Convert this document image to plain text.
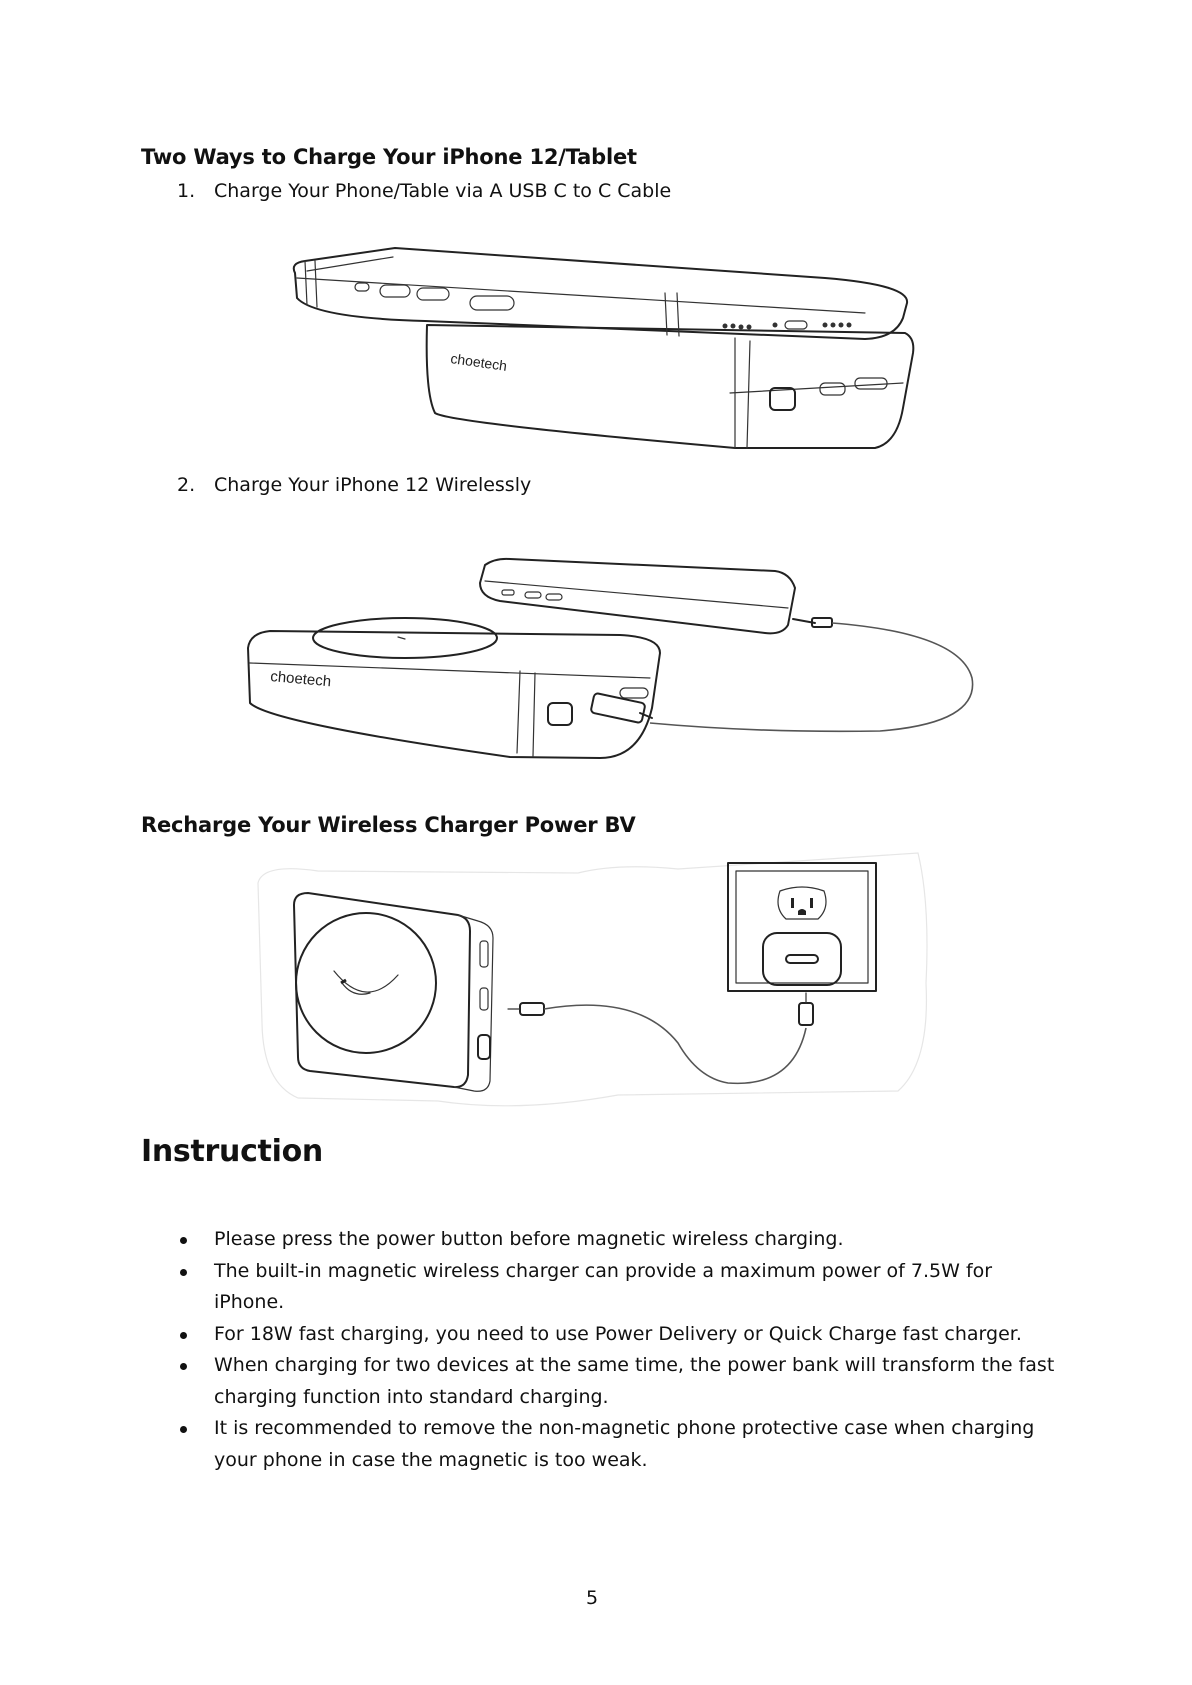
Two Ways to Charge Your iPhone 12/Tablet
1. Charge Your Phone/Table via A USB C to C Cable
choetech
2. Charge Your iPhone 12 Wirelessly
choetech
Recharge Your Wireless Charger Power BV
Instruction
Please press the power button before magnetic wireless charging.
The built-in magnetic wireless charger can provide a maximum power of 7.5W for iPhone.
For 18W fast charging, you need to use Power Delivery or Quick Charge fast charger.
When charging for two devices at the same time, the power bank will transform the fast charging function into standard charging.
It is recommended to remove the non-magnetic phone protective case when charging your phone in case the magnetic is too weak.
5
